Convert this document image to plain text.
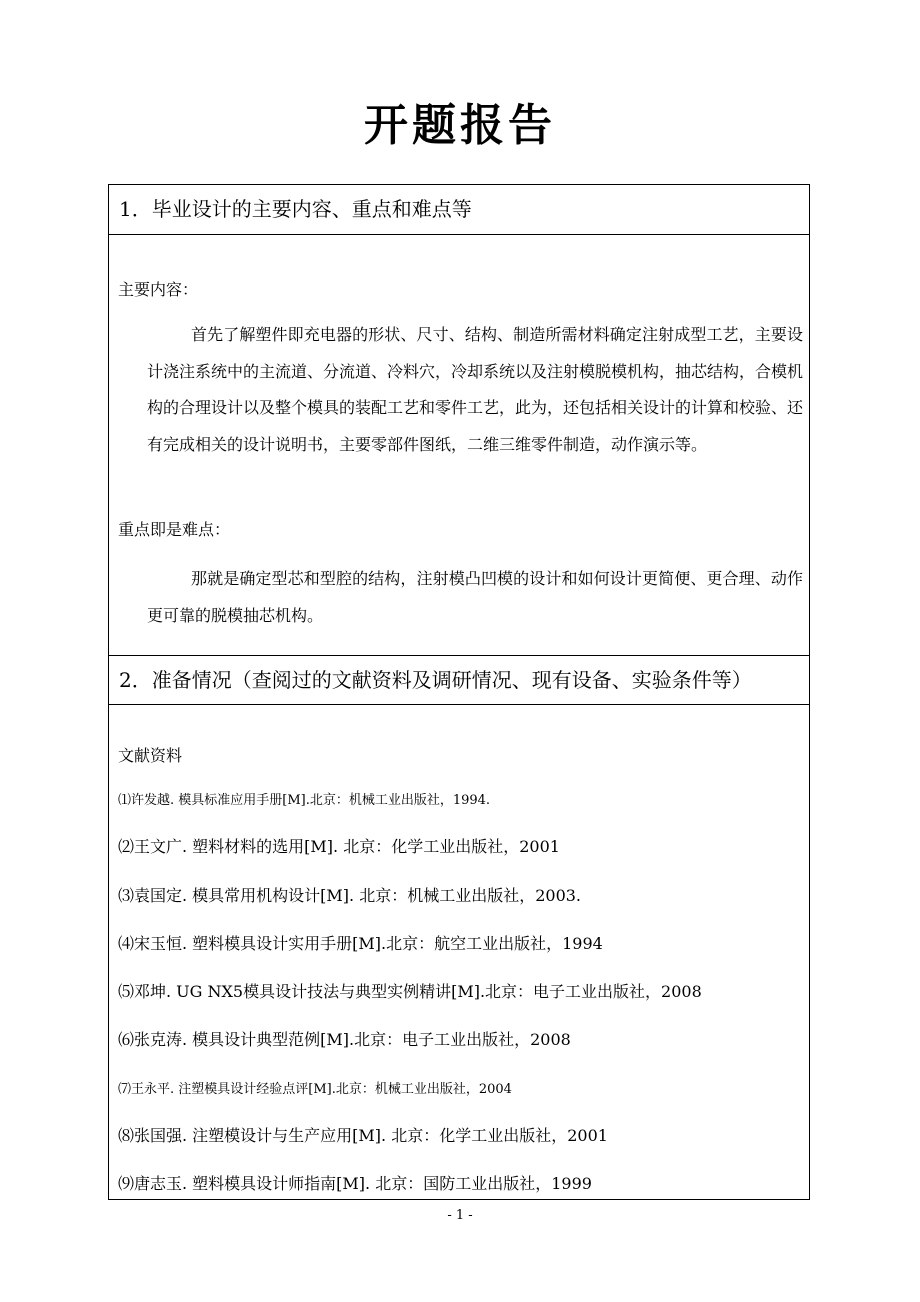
开题报告
1．毕业设计的主要内容、重点和难点等
主要内容：
首先了解塑件即充电器的形状、尺寸、结构、制造所需材料确定注射成型工艺，主要设计浇注系统中的主流道、分流道、冷料穴，冷却系统以及注射模脱模机构，抽芯结构，合模机构的合理设计以及整个模具的装配工艺和零件工艺，此为，还包括相关设计的计算和校验、还有完成相关的设计说明书，主要零部件图纸，二维三维零件制造，动作演示等。
重点即是难点：
那就是确定型芯和型腔的结构，注射模凸凹模的设计和如何设计更简便、更合理、动作更可靠的脱模抽芯机构。
2．准备情况（查阅过的文献资料及调研情况、现有设备、实验条件等）
文献资料
⑴许发越. 模具标准应用手册[M].北京：机械工业出版社，1994.
⑵王文广. 塑料材料的选用[M]. 北京：化学工业出版社，2001
⑶袁国定. 模具常用机构设计[M]. 北京：机械工业出版社，2003.
⑷宋玉恒. 塑料模具设计实用手册[M].北京：航空工业出版社，1994
⑸邓坤. UG NX5模具设计技法与典型实例精讲[M].北京：电子工业出版社，2008
⑹张克涛. 模具设计典型范例[M].北京：电子工业出版社，2008
⑺王永平. 注塑模具设计经验点评[M].北京：机械工业出版社，2004
⑻张国强. 注塑模设计与生产应用[M]. 北京：化学工业出版社，2001
⑼唐志玉. 塑料模具设计师指南[M]. 北京：国防工业出版社，1999
- 1 -
